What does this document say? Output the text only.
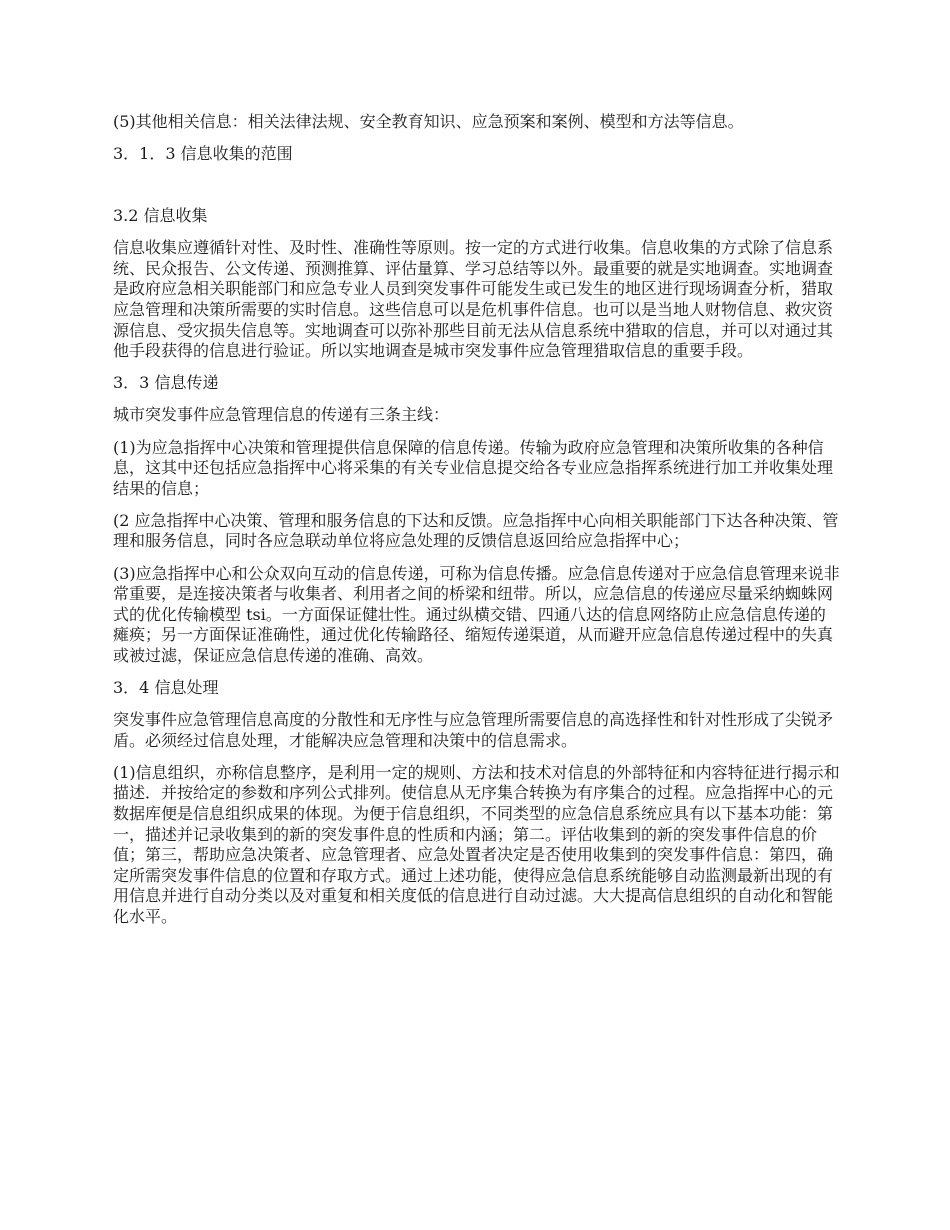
(5)其他相关信息：相关法律法规、安全教育知识、应急预案和案例、模型和方法等信息。

3．1．3 信息收集的范围

3.2 信息收集

信息收集应遵循针对性、及时性、准确性等原则。按一定的方式进行收集。信息收集的方式除了信息系统、民众报告、公文传递、预测推算、评估量算、学习总结等以外。最重要的就是实地调查。实地调查是政府应急相关职能部门和应急专业人员到突发事件可能发生或已发生的地区进行现场调查分析，猎取应急管理和决策所需要的实时信息。这些信息可以是危机事件信息。也可以是当地人财物信息、救灾资源信息、受灾损失信息等。实地调查可以弥补那些目前无法从信息系统中猎取的信息，并可以对通过其他手段获得的信息进行验证。所以实地调查是城市突发事件应急管理猎取信息的重要手段。

3．3 信息传递

城市突发事件应急管理信息的传递有三条主线：

(1)为应急指挥中心决策和管理提供信息保障的信息传递。传输为政府应急管理和决策所收集的各种信息，这其中还包括应急指挥中心将采集的有关专业信息提交给各专业应急指挥系统进行加工并收集处理结果的信息；

(2 应急指挥中心决策、管理和服务信息的下达和反馈。应急指挥中心向相关职能部门下达各种决策、管理和服务信息，同时各应急联动单位将应急处理的反馈信息返回给应急指挥中心；

(3)应急指挥中心和公众双向互动的信息传递，可称为信息传播。应急信息传递对于应急信息管理来说非常重要，是连接决策者与收集者、利用者之间的桥梁和纽带。所以，应急信息的传递应尽量采纳蜘蛛网式的优化传输模型 tsi。一方面保证健壮性。通过纵横交错、四通八达的信息网络防止应急信息传递的瘫痪；另一方面保证准确性，通过优化传输路径、缩短传递渠道，从而避开应急信息传递过程中的失真或被过滤，保证应急信息传递的准确、高效。

3．4 信息处理

突发事件应急管理信息高度的分散性和无序性与应急管理所需要信息的高选择性和针对性形成了尖锐矛盾。必须经过信息处理，才能解决应急管理和决策中的信息需求。

(1)信息组织，亦称信息整序，是利用一定的规则、方法和技术对信息的外部特征和内容特征进行揭示和描述．并按给定的参数和序列公式排列。使信息从无序集合转换为有序集合的过程。应急指挥中心的元数据库便是信息组织成果的体现。为便于信息组织，不同类型的应急信息系统应具有以下基本功能：第一，描述并记录收集到的新的突发事件息的性质和内涵；第二。评估收集到的新的突发事件信息的价值；第三，帮助应急决策者、应急管理者、应急处置者决定是否使用收集到的突发事件信息：第四，确定所需突发事件信息的位置和存取方式。通过上述功能，使得应急信息系统能够自动监测最新出现的有用信息并进行自动分类以及对重复和相关度低的信息进行自动过滤。大大提高信息组织的自动化和智能化水平。
